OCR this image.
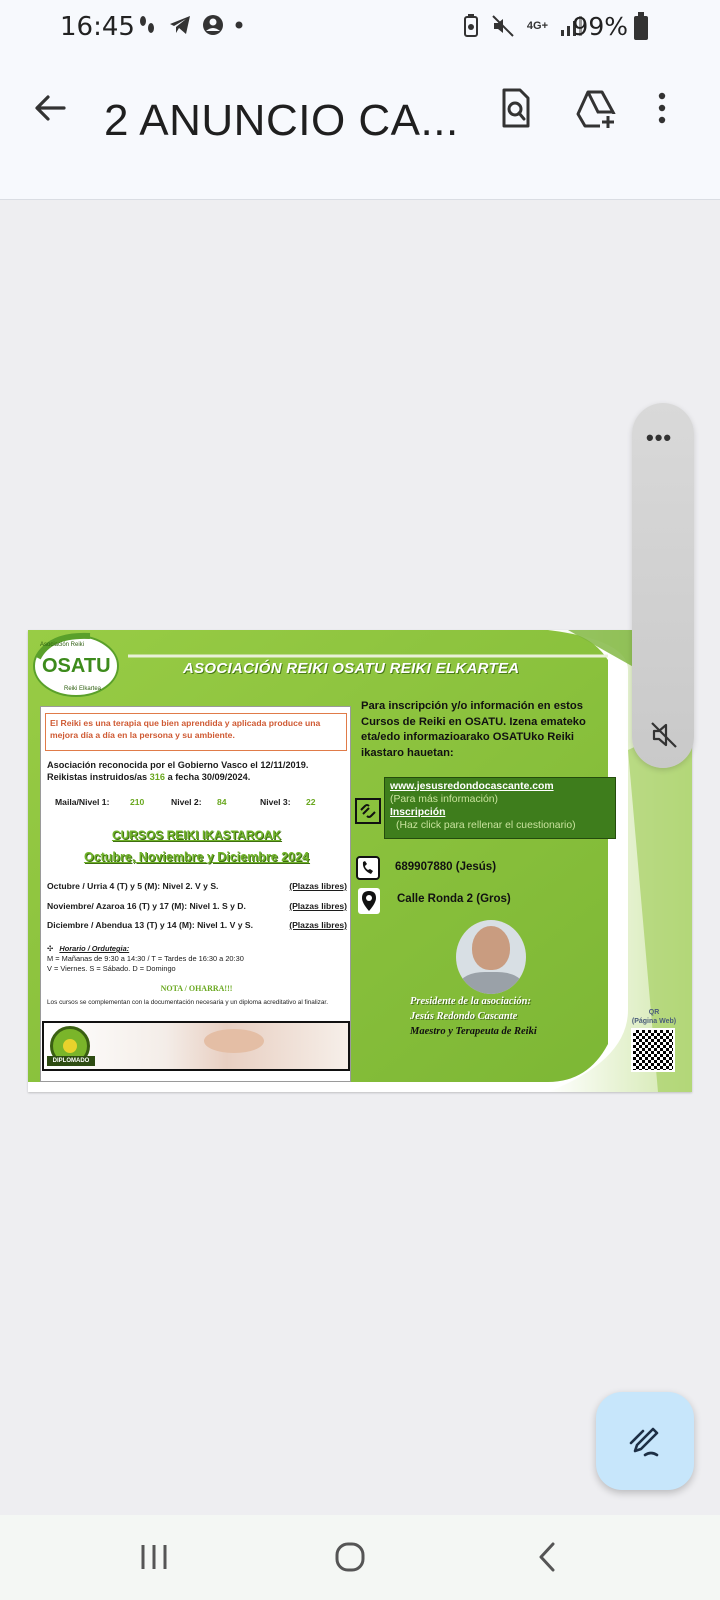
16:45	4G+ 99%
2 ANUNCIO CA...
Asociación Reiki
OSATU
Reiki Elkartea
ASOCIACIÓN REIKI OSATU REIKI ELKARTEA
El Reiki es una terapia que bien aprendida y aplicada produce una mejora día a día en la persona y su ambiente.
Asociación reconocida por el Gobierno Vasco el 12/11/2019.
Reikistas instruidos/as 316 a fecha 30/09/2024.
Maila/Nivel 1: 210	Nivel 2: 84	Nivel 3: 22
CURSOS REIKI IKASTAROAK
Octubre, Noviembre y Diciembre 2024
Octubre / Urria 4 (T) y 5 (M): Nivel 2. V y S.	(Plazas libres)
Noviembre/ Azaroa 16 (T) y 17 (M): Nivel 1. S y D.	(Plazas libres)
Diciembre / Abendua 13 (T) y 14 (M): Nivel 1. V y S.	(Plazas libres)
✣   Horario / Ordutegia:
M = Mañanas de 9:30 a 14:30 / T = Tardes de 16:30 a 20:30
V = Viernes. S = Sábado. D = Domingo
NOTA / OHARRA!!!
Los cursos se complementan con la documentación necesaria y un diploma acreditativo al finalizar.
DIPLOMADO
Para inscripción y/o información en estos Cursos de Reiki en OSATU. Izena emateko eta/edo informazioarako OSATUko Reiki ikastaro hauetan:
www.jesusredondocascante.com
(Para más información)
Inscripción
(Haz click para rellenar el cuestionario)
689907880 (Jesús)
Calle Ronda 2 (Gros)
Presidente de la asociación:
Jesús Redondo Cascante
Maestro y Terapeuta de Reiki
QR
(Página Web)
•••
